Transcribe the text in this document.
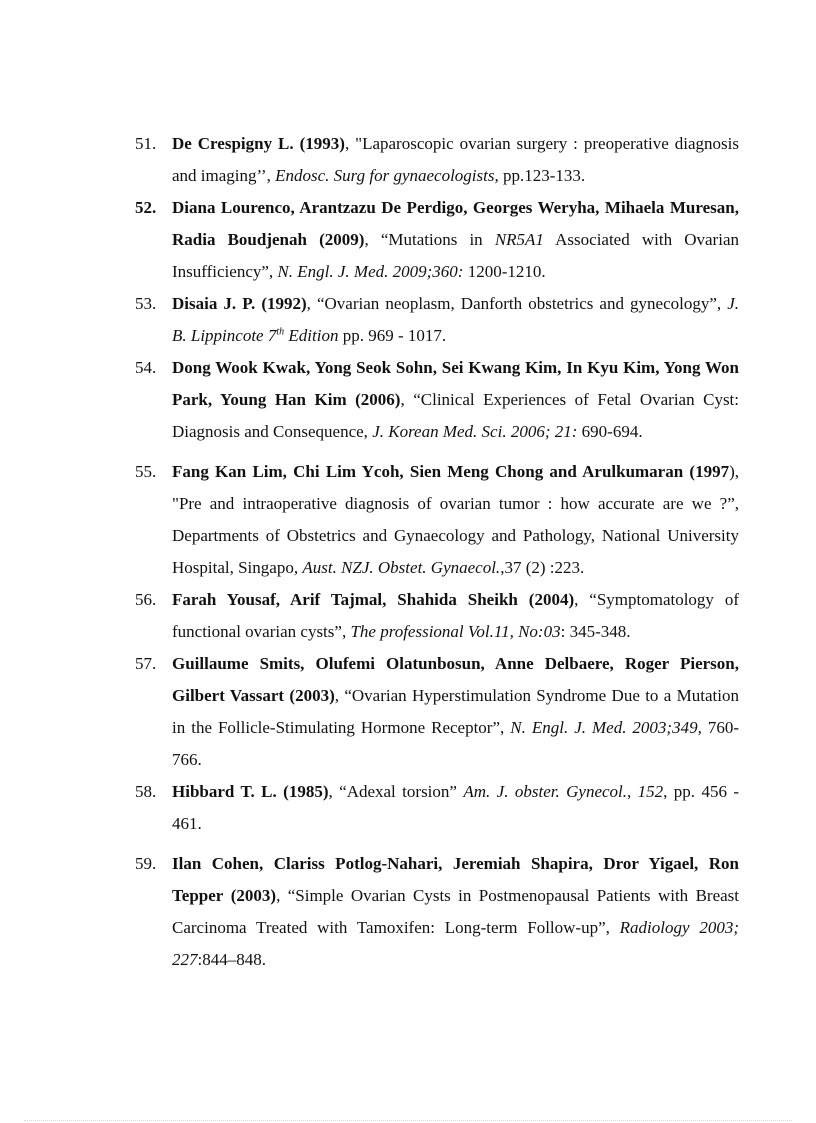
51. De Crespigny L. (1993), "Laparoscopic ovarian surgery : preoperative diagnosis and imaging’’, Endosc. Surg for gynaecologists, pp.123-133.
52. Diana Lourenco, Arantzazu De Perdigo, Georges Weryha, Mihaela Muresan, Radia Boudjenah (2009), “Mutations in NR5A1 Associated with Ovarian Insufficiency”, N. Engl. J. Med. 2009;360: 1200-1210.
53. Disaia J. P. (1992), “Ovarian neoplasm, Danforth obstetrics and gynecology”, J. B. Lippincote 7th Edition pp. 969 - 1017.
54. Dong Wook Kwak, Yong Seok Sohn, Sei Kwang Kim, In Kyu Kim, Yong Won Park, Young Han Kim (2006), “Clinical Experiences of Fetal Ovarian Cyst: Diagnosis and Consequence, J. Korean Med. Sci. 2006; 21: 690-694.
55. Fang Kan Lim, Chi Lim Ycoh, Sien Meng Chong and Arulkumaran (1997), "Pre and intraoperative diagnosis of ovarian tumor : how accurate are we ?”, Departments of Obstetrics and Gynaecology and Pathology, National University Hospital, Singapo, Aust. NZJ. Obstet. Gynaecol.,37 (2) :223.
56. Farah Yousaf, Arif Tajmal, Shahida Sheikh (2004), “Symptomatology of functional ovarian cysts”, The professional Vol.11, No:03: 345-348.
57. Guillaume Smits, Olufemi Olatunbosun, Anne Delbaere, Roger Pierson, Gilbert Vassart (2003), “Ovarian Hyperstimulation Syndrome Due to a Mutation in the Follicle-Stimulating Hormone Receptor”, N. Engl. J. Med. 2003;349, 760-766.
58. Hibbard T. L. (1985), “Adexal torsion” Am. J. obster. Gynecol., 152, pp. 456 - 461.
59. Ilan Cohen, Clariss Potlog-Nahari, Jeremiah Shapira, Dror Yigael, Ron Tepper (2003), “Simple Ovarian Cysts in Postmenopausal Patients with Breast Carcinoma Treated with Tamoxifen: Long-term Follow-up”, Radiology 2003; 227:844–848.
